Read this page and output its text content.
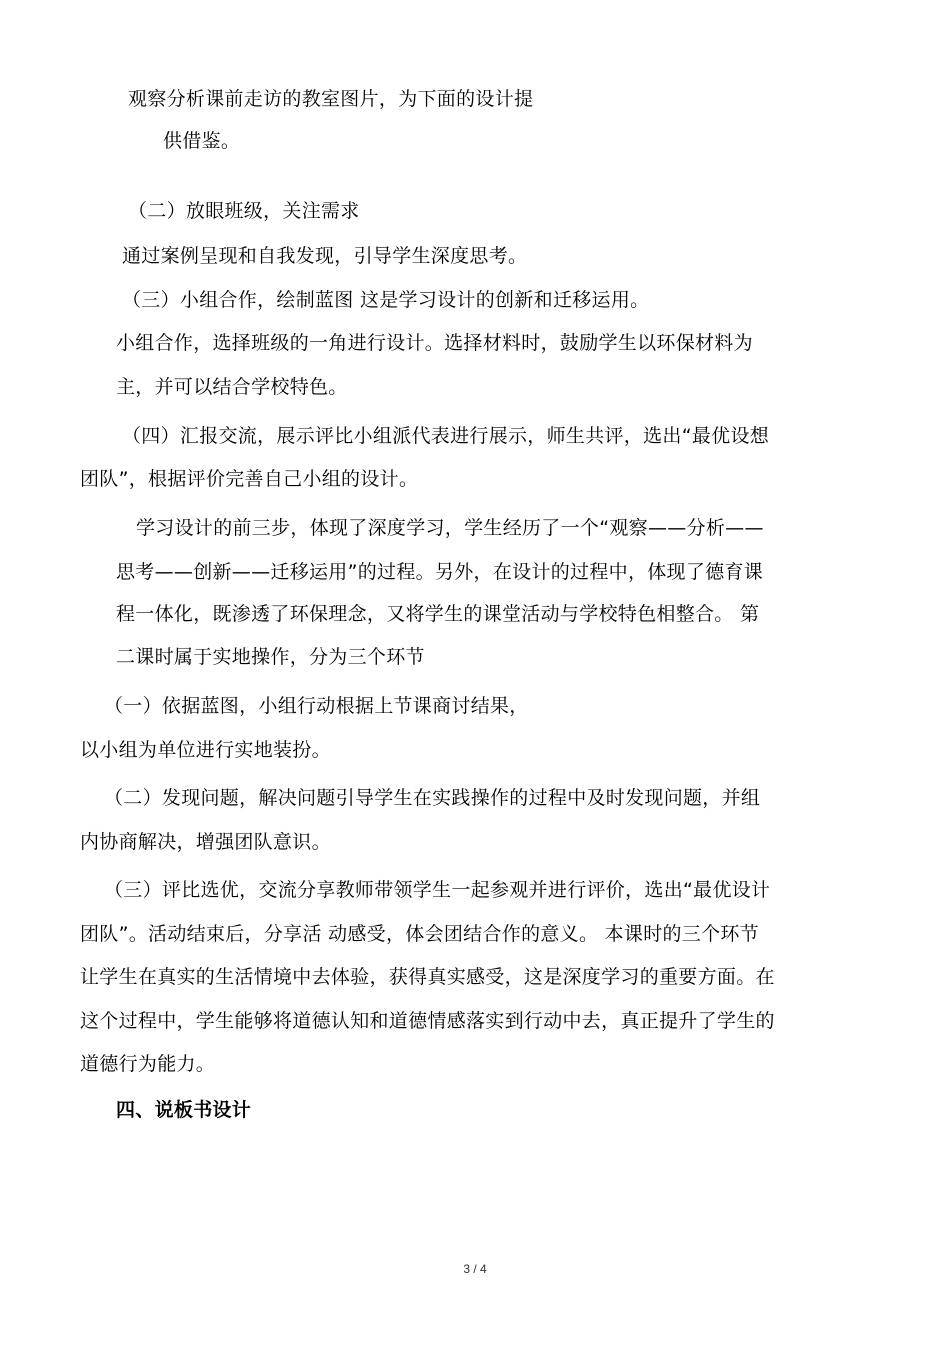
观察分析课前走访的教室图片，为下面的设计提
供借鉴。
（二）放眼班级，关注需求
通过案例呈现和自我发现，引导学生深度思考。
（三）小组合作，绘制蓝图 这是学习设计的创新和迁移运用。
小组合作，选择班级的一角进行设计。选择材料时，鼓励学生以环保材料为
主，并可以结合学校特色。
（四）汇报交流，展示评比小组派代表进行展示，师生共评，选出“最优设想
团队”，根据评价完善自己小组的设计。
学习设计的前三步，体现了深度学习，学生经历了一个“观察——分析——
思考——创新——迁移运用”的过程。另外，在设计的过程中，体现了德育课
程一体化，既渗透了环保理念，又将学生的课堂活动与学校特色相整合。 第
二课时属于实地操作，分为三个环节
（一）依据蓝图，小组行动根据上节课商讨结果，
以小组为单位进行实地装扮。
（二）发现问题，解决问题引导学生在实践操作的过程中及时发现问题，并组
内协商解决，增强团队意识。
（三）评比选优，交流分享教师带领学生一起参观并进行评价，选出“最优设计
团队”。活动结束后，分享活 动感受，体会团结合作的意义。 本课时的三个环节
让学生在真实的生活情境中去体验，获得真实感受，这是深度学习的重要方面。在
这个过程中，学生能够将道德认知和道德情感落实到行动中去，真正提升了学生的
道德行为能力。
四、说板书设计
3 / 4
